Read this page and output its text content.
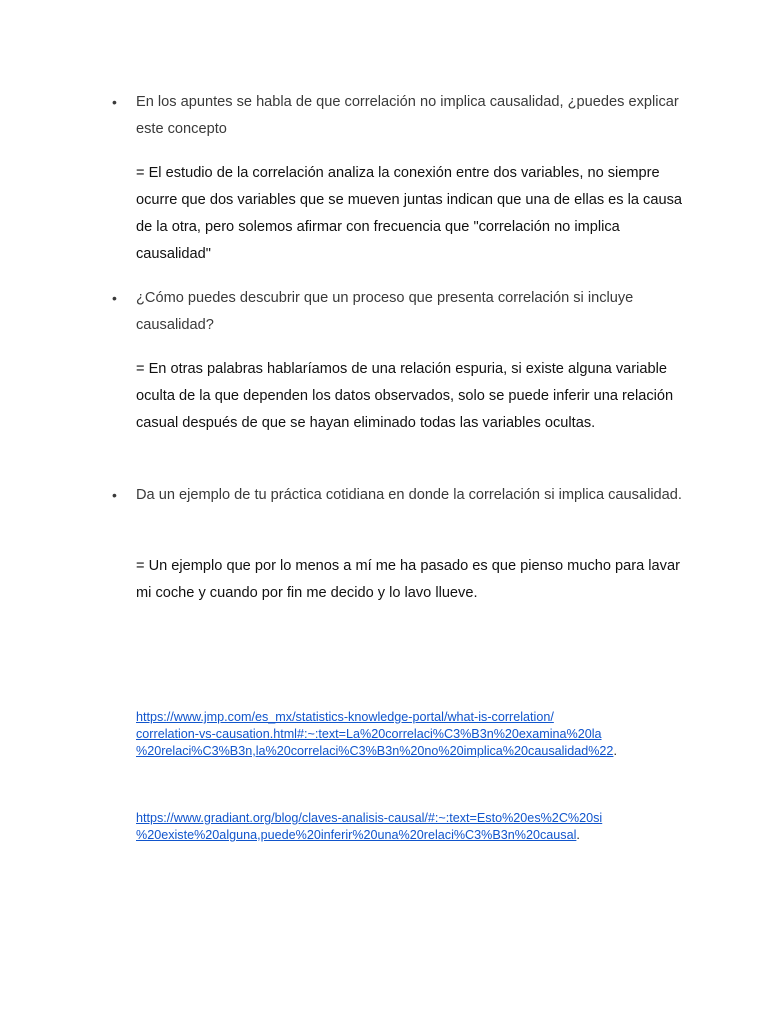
• En los apuntes se habla de que correlación no implica causalidad, ¿puedes explicar este concepto
= El estudio de la correlación analiza la conexión entre dos variables, no siempre ocurre que dos variables que se mueven juntas indican que una de ellas es la causa de la otra, pero solemos afirmar con frecuencia que "correlación no implica causalidad"
• ¿Cómo puedes descubrir que un proceso que presenta correlación si incluye causalidad?
= En otras palabras hablaríamos de una relación espuria, si existe alguna variable oculta de la que dependen los datos observados, solo se puede inferir una relación casual después de que se hayan eliminado todas las variables ocultas.
• Da un ejemplo de tu práctica cotidiana en donde la correlación si implica causalidad.
= Un ejemplo que por lo menos a mí me ha pasado es que pienso mucho para lavar mi coche y cuando por fin me decido y lo lavo llueve.
https://www.jmp.com/es_mx/statistics-knowledge-portal/what-is-correlation/
correlation-vs-causation.html#:~:text=La%20correlaci%C3%B3n%20examina%20la
%20relaci%C3%B3n,la%20correlaci%C3%B3n%20no%20implica%20causalidad%22.
https://www.gradiant.org/blog/claves-analisis-causal/#:~:text=Esto%20es%2C%20si
%20existe%20alguna,puede%20inferir%20una%20relaci%C3%B3n%20causal.
